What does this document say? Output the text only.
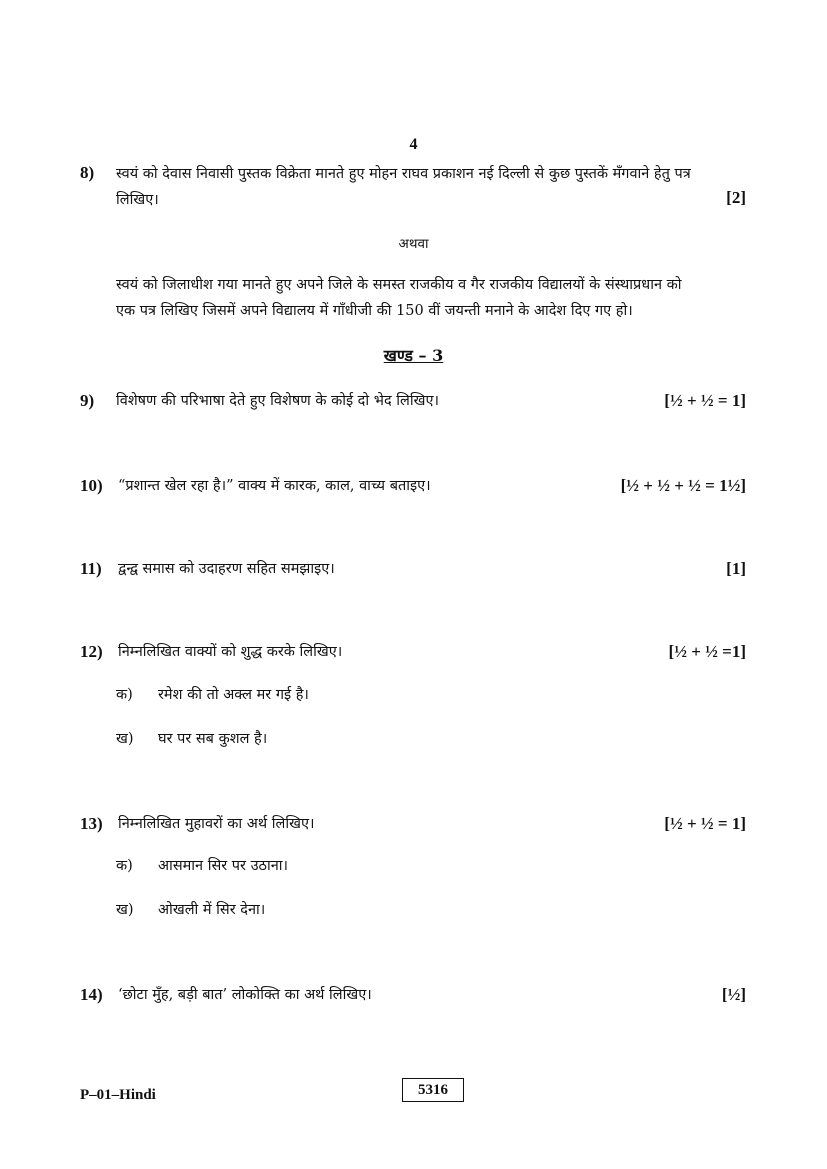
4
8) स्वयं को देवास निवासी पुस्तक विक्रेता मानते हुए मोहन राघव प्रकाशन नई दिल्ली से कुछ पुस्तकें मँगवाने हेतु पत्र
लिखिए।	[2]
अथवा
स्वयं को जिलाधीश गया मानते हुए अपने जिले के समस्त राजकीय व गैर राजकीय विद्यालयों के संस्थाप्रधान को
एक पत्र लिखिए जिसमें अपने विद्यालय में गाँधीजी की 150 वीं जयन्ती मनाने के आदेश दिए गए हो।
खण्ड – 3
9) विशेषण की परिभाषा देते हुए विशेषण के कोई दो भेद लिखिए।	[½ + ½ = 1]
10) “प्रशान्त खेल रहा है।” वाक्य में कारक, काल, वाच्य बताइए।	[½ + ½ + ½ = 1½]
11) द्वन्द्व समास को उदाहरण सहित समझाइए।	[1]
12) निम्नलिखित वाक्यों को शुद्ध करके लिखिए।	[½ + ½ =1]
क) रमेश की तो अक्ल मर गई है।
ख) घर पर सब कुशल है।
13) निम्नलिखित मुहावरों का अर्थ लिखिए।	[½ + ½ = 1]
क) आसमान सिर पर उठाना।
ख) ओखली में सिर देना।
14) ‘छोटा मुँह, बड़ी बात’ लोकोक्ति का अर्थ लिखिए।	[½]
P–01–Hindi	5316
